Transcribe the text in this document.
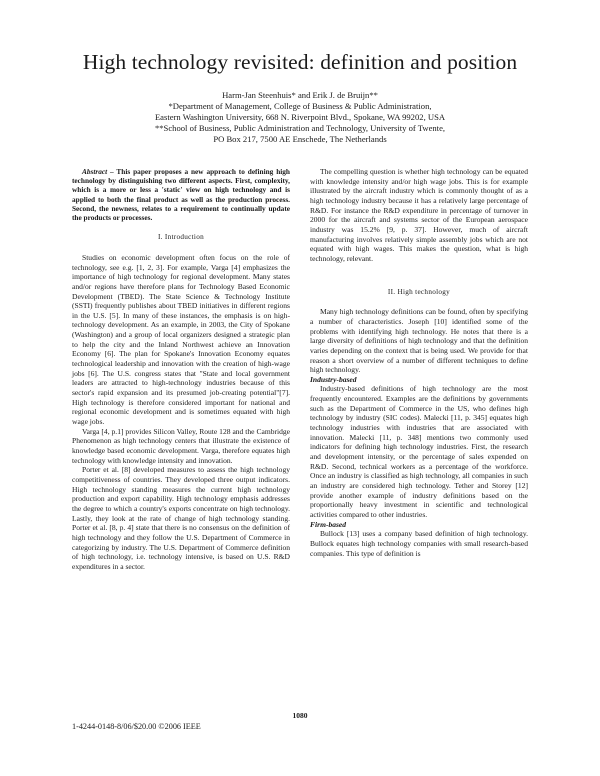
High technology revisited: definition and position
Harm-Jan Steenhuis* and Erik J. de Bruijn**
*Department of Management, College of Business & Public Administration,
Eastern Washington University, 668 N. Riverpoint Blvd., Spokane, WA 99202, USA
**School of Business, Public Administration and Technology, University of Twente,
PO Box 217, 7500 AE Enschede, The Netherlands

Abstract – This paper proposes a new approach to defining high technology by distinguishing two different aspects. First, complexity, which is a more or less a 'static' view on high technology and is applied to both the final product as well as the production process. Second, the newness, relates to a requirement to continually update the products or processes.

I. Introduction

Studies on economic development often focus on the role of technology, see e.g. [1, 2, 3]. For example, Varga [4] emphasizes the importance of high technology for regional development. Many states and/or regions have therefore plans for Technology Based Economic Development (TBED). The State Science & Technology Institute (SSTI) frequently publishes about TBED initiatives in different regions in the U.S. [5]. In many of these instances, the emphasis is on high-technology development. As an example, in 2003, the City of Spokane (Washington) and a group of local organizers designed a strategic plan to help the city and the Inland Northwest achieve an Innovation Economy [6]. The plan for Spokane's Innovation Economy equates technological leadership and innovation with the creation of high-wage jobs [6]. The U.S. congress states that "State and local government leaders are attracted to high-technology industries because of this sector's rapid expansion and its presumed job-creating potential"[7]. High technology is therefore considered important for national and regional economic development and is sometimes equated with high wage jobs.

Varga [4, p.1] provides Silicon Valley, Route 128 and the Cambridge Phenomenon as high technology centers that illustrate the existence of knowledge based economic development. Varga, therefore equates high technology with knowledge intensity and innovation.

Porter et al. [8] developed measures to assess the high technology competitiveness of countries. They developed three output indicators. High technology standing measures the current high technology production and export capability. High technology emphasis addresses the degree to which a country's exports concentrate on high technology. Lastly, they look at the rate of change of high technology standing. Porter et al. [8, p. 4] state that there is no consensus on the definition of high technology and they follow the U.S. Department of Commerce in categorizing by industry. The U.S. Department of Commerce definition of high technology, i.e. technology intensive, is based on U.S. R&D expenditures in a sector.

The compelling question is whether high technology can be equated with knowledge intensity and/or high wage jobs. This is for example illustrated by the aircraft industry which is commonly thought of as a high technology industry because it has a relatively large percentage of R&D. For instance the R&D expenditure in percentage of turnover in 2000 for the aircraft and systems sector of the European aerospace industry was 15.2% [9, p. 37]. However, much of aircraft manufacturing involves relatively simple assembly jobs which are not equated with high wages. This makes the question, what is high technology, relevant.

II. High technology

Many high technology definitions can be found, often by specifying a number of characteristics. Joseph [10] identified some of the problems with identifying high technology. He notes that there is a large diversity of definitions of high technology and that the definition varies depending on the context that is being used. We provide for that reason a short overview of a number of different techniques to define high technology.

Industry-based

Industry-based definitions of high technology are the most frequently encountered. Examples are the definitions by governments such as the Department of Commerce in the US, who defines high technology by industry (SIC codes). Malecki [11, p. 345] equates high technology industries with industries that are associated with innovation. Malecki [11, p. 348] mentions two commonly used indicators for defining high technology industries. First, the research and development intensity, or the percentage of sales expended on R&D. Second, technical workers as a percentage of the workforce. Once an industry is classified as high technology, all companies in such an industry are considered high technology. Tether and Storey [12] provide another example of industry definitions based on the proportionally heavy investment in scientific and technological activities compared to other industries.

Firm-based

Bullock [13] uses a company based definition of high technology. Bullock equates high technology companies with small research-based companies. This type of definition is

1080
1-4244-0148-8/06/$20.00 ©2006 IEEE
